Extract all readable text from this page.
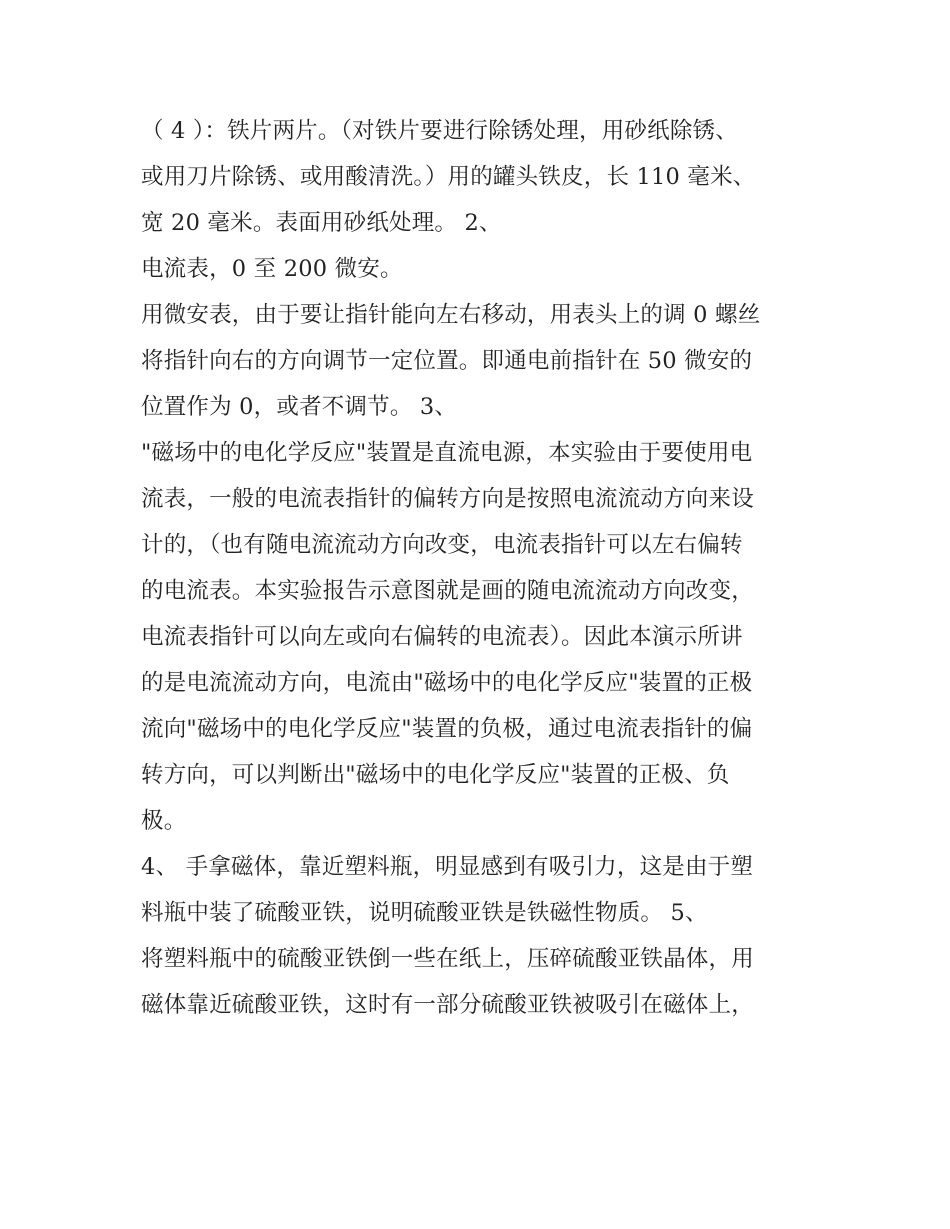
（ 4 ）：铁片两片。（对铁片要进行除锈处理，用砂纸除锈、
或用刀片除锈、或用酸清洗。）用的罐头铁皮，长 110 毫米、
宽 20 毫米。表面用砂纸处理。 2、
电流表，0 至 200 微安。
用微安表，由于要让指针能向左右移动，用表头上的调 0 螺丝
将指针向右的方向调节一定位置。即通电前指针在 50 微安的
位置作为 0，或者不调节。 3、
"磁场中的电化学反应"装置是直流电源，本实验由于要使用电
流表，一般的电流表指针的偏转方向是按照电流流动方向来设
计的，（也有随电流流动方向改变，电流表指针可以左右偏转
的电流表。本实验报告示意图就是画的随电流流动方向改变，
电流表指针可以向左或向右偏转的电流表）。因此本演示所讲
的是电流流动方向，电流由"磁场中的电化学反应"装置的正极
流向"磁场中的电化学反应"装置的负极，通过电流表指针的偏
转方向，可以判断出"磁场中的电化学反应"装置的正极、负
极。
4、 手拿磁体，靠近塑料瓶，明显感到有吸引力，这是由于塑
料瓶中装了硫酸亚铁，说明硫酸亚铁是铁磁性物质。 5、
将塑料瓶中的硫酸亚铁倒一些在纸上，压碎硫酸亚铁晶体，用
磁体靠近硫酸亚铁，这时有一部分硫酸亚铁被吸引在磁体上，
